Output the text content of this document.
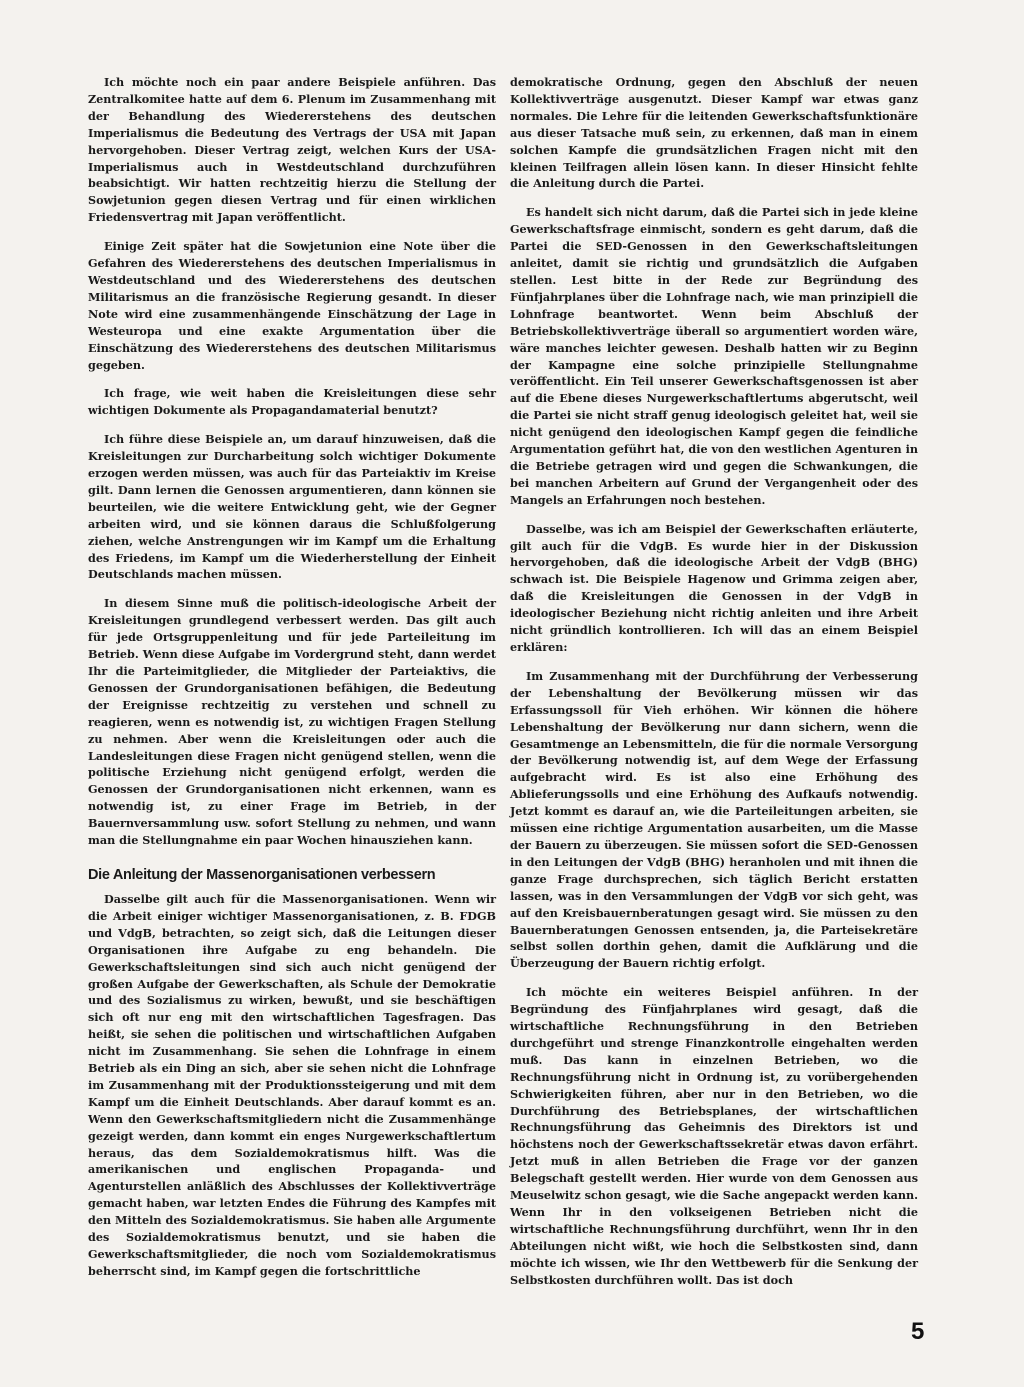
Ich möchte noch ein paar andere Beispiele anführen. Das Zentralkomitee hatte auf dem 6. Plenum im Zusammenhang mit der Behandlung des Wiedererstehens des deutschen Imperialismus die Bedeutung des Vertrags der USA mit Japan hervorgehoben. Dieser Vertrag zeigt, welchen Kurs der USA-Imperialismus auch in Westdeutschland durchzuführen beabsichtigt. Wir hatten rechtzeitig hierzu die Stellung der Sowjetunion gegen diesen Vertrag und für einen wirklichen Friedensvertrag mit Japan veröffentlicht.

Einige Zeit später hat die Sowjetunion eine Note über die Gefahren des Wiedererstehens des deutschen Imperialismus in Westdeutschland und des Wiedererstehens des deutschen Militarismus an die französische Regierung gesandt. In dieser Note wird eine zusammenhängende Einschätzung der Lage in Westeuropa und eine exakte Argumentation über die Einschätzung des Wiedererstehens des deutschen Militarismus gegeben.

Ich frage, wie weit haben die Kreisleitungen diese sehr wichtigen Dokumente als Propagandamaterial benutzt?

Ich führe diese Beispiele an, um darauf hinzuweisen, daß die Kreisleitungen zur Durcharbeitung solch wichtiger Dokumente erzogen werden müssen, was auch für das Parteiaktiv im Kreise gilt. Dann lernen die Genossen argumentieren, dann können sie beurteilen, wie die weitere Entwicklung geht, wie der Gegner arbeiten wird, und sie können daraus die Schlußfolgerung ziehen, welche Anstrengungen wir im Kampf um die Erhaltung des Friedens, im Kampf um die Wiederherstellung der Einheit Deutschlands machen müssen.

In diesem Sinne muß die politisch-ideologische Arbeit der Kreisleitungen grundlegend verbessert werden. Das gilt auch für jede Ortsgruppenleitung und für jede Parteileitung im Betrieb. Wenn diese Aufgabe im Vordergrund steht, dann werdet Ihr die Parteimitglieder, die Mitglieder der Parteiaktivs, die Genossen der Grundorganisationen befähigen, die Bedeutung der Ereignisse rechtzeitig zu verstehen und schnell zu reagieren, wenn es notwendig ist, zu wichtigen Fragen Stellung zu nehmen. Aber wenn die Kreisleitungen oder auch die Landesleitungen diese Fragen nicht genügend stellen, wenn die politische Erziehung nicht genügend erfolgt, werden die Genossen der Grundorganisationen nicht erkennen, wann es notwendig ist, zu einer Frage im Betrieb, in der Bauernversammlung usw. sofort Stellung zu nehmen, und wann man die Stellungnahme ein paar Wochen hinausziehen kann.

Die Anleitung der Massenorganisationen verbessern

Dasselbe gilt auch für die Massenorganisationen. Wenn wir die Arbeit einiger wichtiger Massenorganisationen, z. B. FDGB und VdgB, betrachten, so zeigt sich, daß die Leitungen dieser Organisationen ihre Aufgabe zu eng behandeln. Die Gewerkschaftsleitungen sind sich auch nicht genügend der großen Aufgabe der Gewerkschaften, als Schule der Demokratie und des Sozialismus zu wirken, bewußt, und sie beschäftigen sich oft nur eng mit den wirtschaftlichen Tagesfragen. Das heißt, sie sehen die politischen und wirtschaftlichen Aufgaben nicht im Zusammenhang. Sie sehen die Lohnfrage in einem Betrieb als ein Ding an sich, aber sie sehen nicht die Lohnfrage im Zusammenhang mit der Produktionssteigerung und mit dem Kampf um die Einheit Deutschlands. Aber darauf kommt es an. Wenn den Gewerkschaftsmitgliedern nicht die Zusammenhänge gezeigt werden, dann kommt ein enges Nurgewerkschaftlertum heraus, das dem Sozialdemokratismus hilft. Was die amerikanischen und englischen Propaganda- und Agenturstellen anläßlich des Abschlusses der Kollektivverträge gemacht haben, war letzten Endes die Führung des Kampfes mit den Mitteln des Sozialdemokratismus. Sie haben alle Argumente des Sozialdemokratismus benutzt, und sie haben die Gewerkschaftsmitglieder, die noch vom Sozialdemokratismus beherrscht sind, im Kampf gegen die fortschrittliche

demokratische Ordnung, gegen den Abschluß der neuen Kollektivverträge ausgenutzt. Dieser Kampf war etwas ganz normales. Die Lehre für die leitenden Gewerkschaftsfunktionäre aus dieser Tatsache muß sein, zu erkennen, daß man in einem solchen Kampfe die grundsätzlichen Fragen nicht mit den kleinen Teilfragen allein lösen kann. In dieser Hinsicht fehlte die Anleitung durch die Partei.

Es handelt sich nicht darum, daß die Partei sich in jede kleine Gewerkschaftsfrage einmischt, sondern es geht darum, daß die Partei die SED-Genossen in den Gewerkschaftsleitungen anleitet, damit sie richtig und grundsätzlich die Aufgaben stellen. Lest bitte in der Rede zur Begründung des Fünfjahrplanes über die Lohnfrage nach, wie man prinzipiell die Lohnfrage beantwortet. Wenn beim Abschluß der Betriebskollektivverträge überall so argumentiert worden wäre, wäre manches leichter gewesen. Deshalb hatten wir zu Beginn der Kampagne eine solche prinzipielle Stellungnahme veröffentlicht. Ein Teil unserer Gewerkschaftsgenossen ist aber auf die Ebene dieses Nurgewerkschaftlertums abgerutscht, weil die Partei sie nicht straff genug ideologisch geleitet hat, weil sie nicht genügend den ideologischen Kampf gegen die feindliche Argumentation geführt hat, die von den westlichen Agenturen in die Betriebe getragen wird und gegen die Schwankungen, die bei manchen Arbeitern auf Grund der Vergangenheit oder des Mangels an Erfahrungen noch bestehen.

Dasselbe, was ich am Beispiel der Gewerkschaften erläuterte, gilt auch für die VdgB. Es wurde hier in der Diskussion hervorgehoben, daß die ideologische Arbeit der VdgB (BHG) schwach ist. Die Beispiele Hagenow und Grimma zeigen aber, daß die Kreisleitungen die Genossen in der VdgB in ideologischer Beziehung nicht richtig anleiten und ihre Arbeit nicht gründlich kontrollieren. Ich will das an einem Beispiel erklären:

Im Zusammenhang mit der Durchführung der Verbesserung der Lebenshaltung der Bevölkerung müssen wir das Erfassungssoll für Vieh erhöhen. Wir können die höhere Lebenshaltung der Bevölkerung nur dann sichern, wenn die Gesamtmenge an Lebensmitteln, die für die normale Versorgung der Bevölkerung notwendig ist, auf dem Wege der Erfassung aufgebracht wird. Es ist also eine Erhöhung des Ablieferungssolls und eine Erhöhung des Aufkaufs notwendig. Jetzt kommt es darauf an, wie die Parteileitungen arbeiten, sie müssen eine richtige Argumentation ausarbeiten, um die Masse der Bauern zu überzeugen. Sie müssen sofort die SED-Genossen in den Leitungen der VdgB (BHG) heranholen und mit ihnen die ganze Frage durchsprechen, sich täglich Bericht erstatten lassen, was in den Versammlungen der VdgB vor sich geht, was auf den Kreisbauernberatungen gesagt wird. Sie müssen zu den Bauernberatungen Genossen entsenden, ja, die Parteisekretäre selbst sollen dorthin gehen, damit die Aufklärung und die Überzeugung der Bauern richtig erfolgt.

Ich möchte ein weiteres Beispiel anführen. In der Begründung des Fünfjahrplanes wird gesagt, daß die wirtschaftliche Rechnungsführung in den Betrieben durchgeführt und strenge Finanzkontrolle eingehalten werden muß. Das kann in einzelnen Betrieben, wo die Rechnungsführung nicht in Ordnung ist, zu vorübergehenden Schwierigkeiten führen, aber nur in den Betrieben, wo die Durchführung des Betriebsplanes, der wirtschaftlichen Rechnungsführung das Geheimnis des Direktors ist und höchstens noch der Gewerkschaftssekretär etwas davon erfährt. Jetzt muß in allen Betrieben die Frage vor der ganzen Belegschaft gestellt werden. Hier wurde von dem Genossen aus Meuselwitz schon gesagt, wie die Sache angepackt werden kann. Wenn Ihr in den volkseigenen Betrieben nicht die wirtschaftliche Rechnungsführung durchführt, wenn Ihr in den Abteilungen nicht wißt, wie hoch die Selbstkosten sind, dann möchte ich wissen, wie Ihr den Wettbewerb für die Senkung der Selbstkosten durchführen wollt. Das ist doch

5
